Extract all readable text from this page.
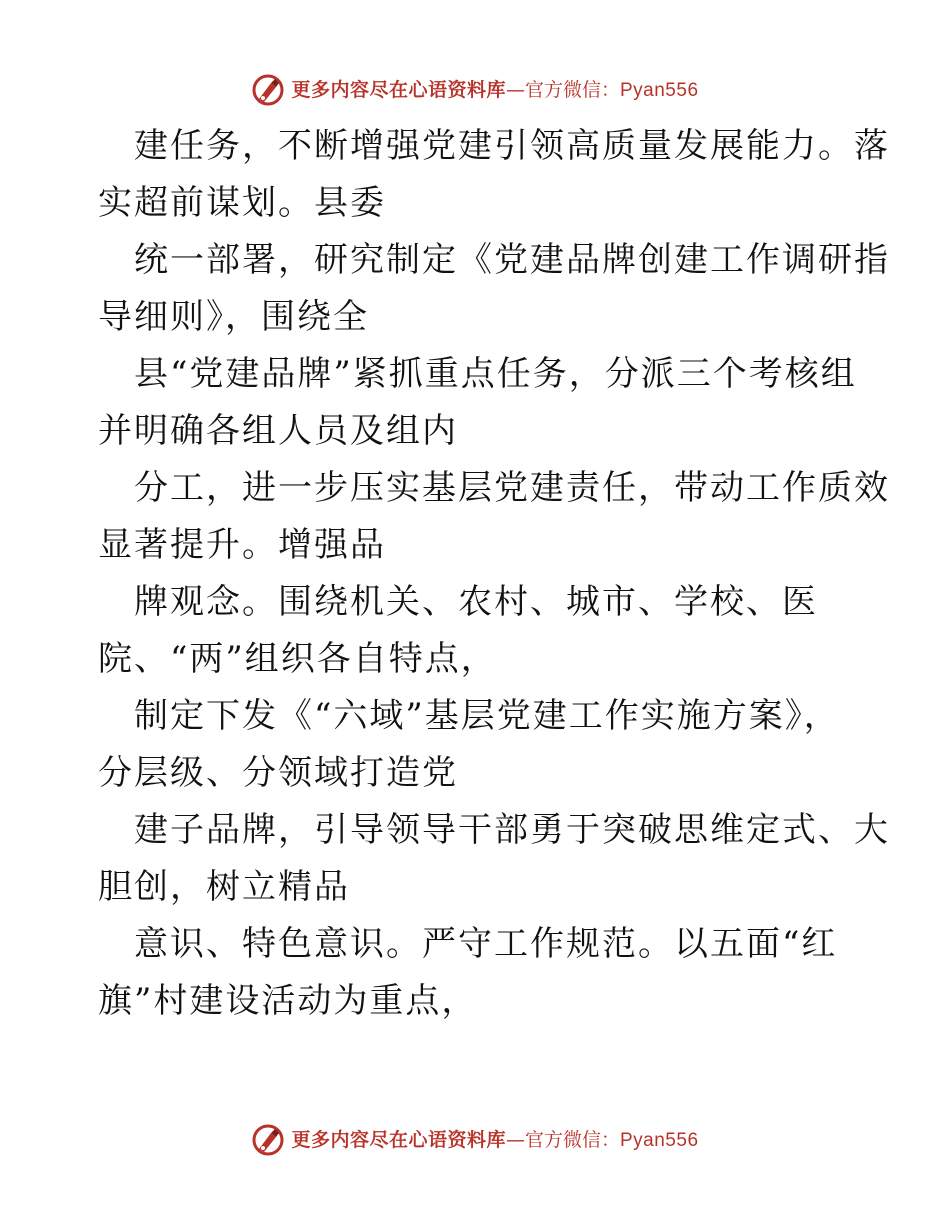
更多内容尽在心语资料库 — 官方微信： Pyan556
建任务，不断增强党建引领高质量发展能力。落
实超前谋划。县委
统一部署，研究制定《党建品牌创建工作调研指
导细则》，围绕全
县“党建品牌”紧抓重点任务，分派三个考核组
并明确各组人员及组内
分工，进一步压实基层党建责任，带动工作质效
显著提升。增强品
牌观念。围绕机关、农村、城市、学校、医
院、“两”组织各自特点，
制定下发《“六域”基层党建工作实施方案》，
分层级、分领域打造党
建子品牌，引导领导干部勇于突破思维定式、大
胆创，树立精品
意识、特色意识。严守工作规范。以五面“红
旗”村建设活动为重点，
更多内容尽在心语资料库 — 官方微信： Pyan556
